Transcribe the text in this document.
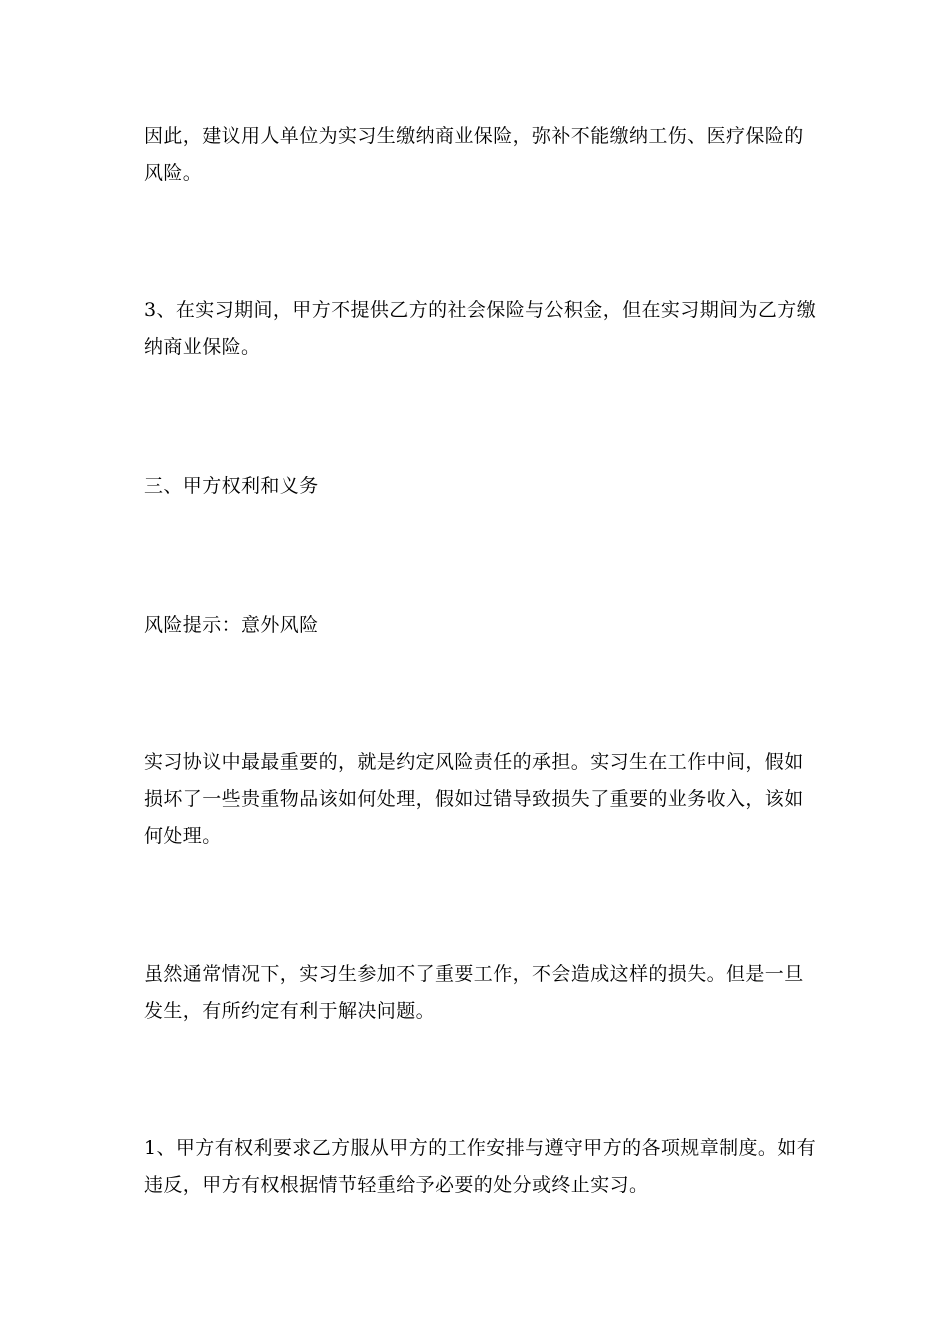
因此，建议用人单位为实习生缴纳商业保险，弥补不能缴纳工伤、医疗保险的
风险。

3、在实习期间，甲方不提供乙方的社会保险与公积金，但在实习期间为乙方缴
纳商业保险。

三、甲方权利和义务

风险提示：意外风险

实习协议中最最重要的，就是约定风险责任的承担。实习生在工作中间，假如
损坏了一些贵重物品该如何处理，假如过错导致损失了重要的业务收入，该如
何处理。

虽然通常情况下，实习生参加不了重要工作，不会造成这样的损失。但是一旦
发生，有所约定有利于解决问题。

1、甲方有权利要求乙方服从甲方的工作安排与遵守甲方的各项规章制度。如有
违反，甲方有权根据情节轻重给予必要的处分或终止实习。
